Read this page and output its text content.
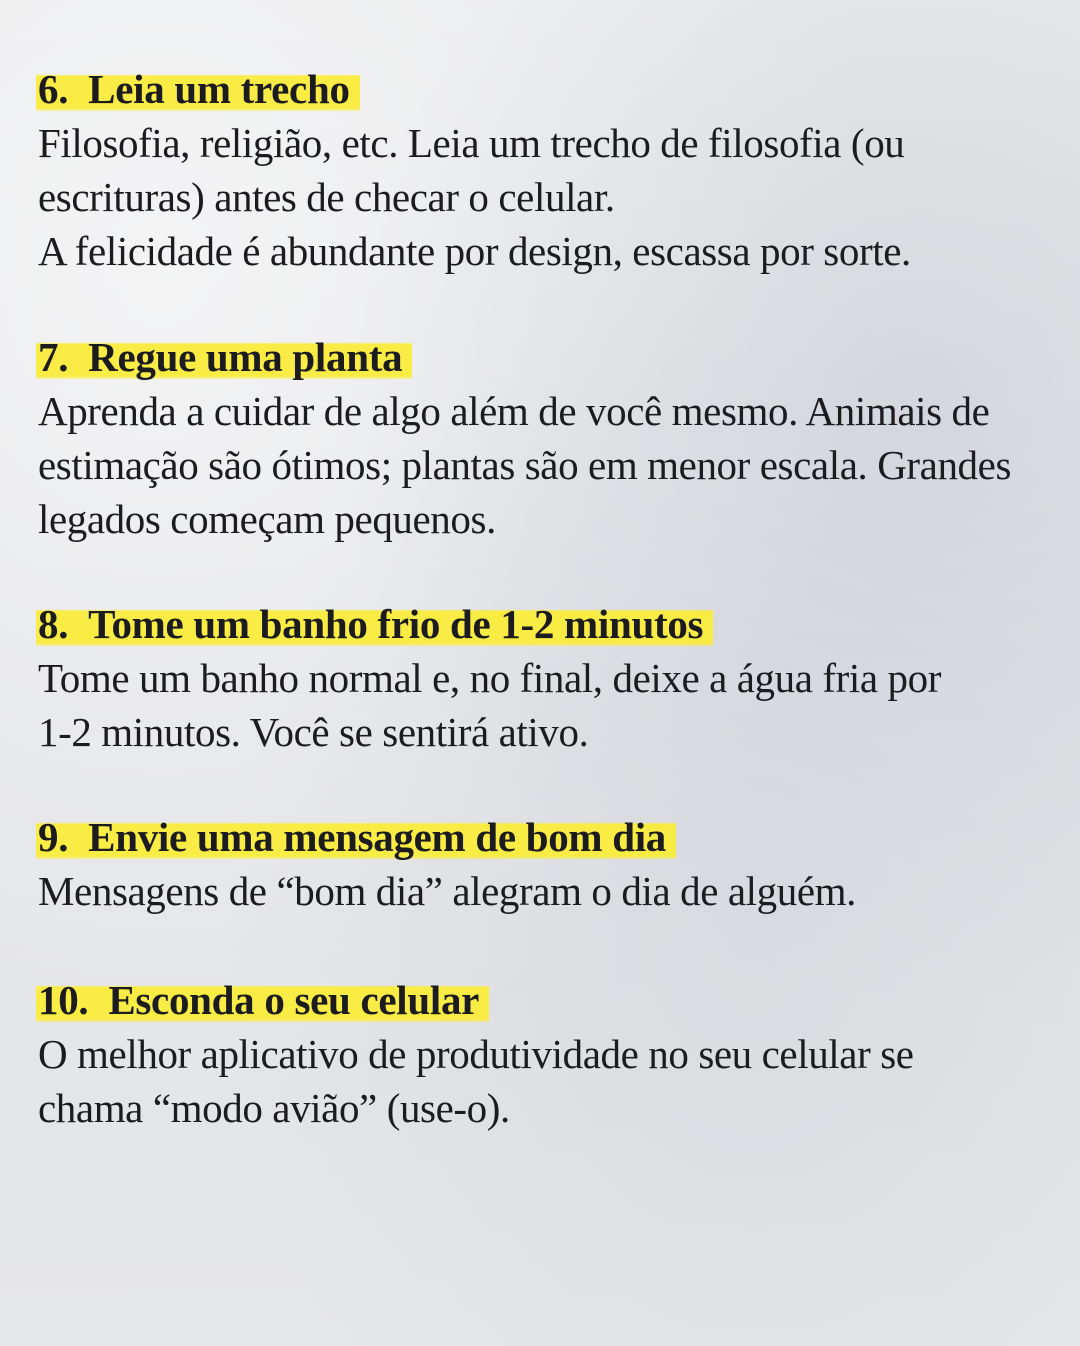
6. Leia um trecho

Filosofia, religião, etc. Leia um trecho de filosofia (ou

escrituras) antes de checar o celular.

A felicidade é abundante por design, escassa por sorte.

7. Regue uma planta

Aprenda a cuidar de algo além de você mesmo. Animais de

estimação são ótimos; plantas são em menor escala. Grandes

legados começam pequenos.

8. Tome um banho frio de 1-2 minutos

Tome um banho normal e, no final, deixe a água fria por

1-2 minutos. Você se sentirá ativo.

9. Envie uma mensagem de bom dia

Mensagens de “bom dia” alegram o dia de alguém.

10. Esconda o seu celular

O melhor aplicativo de produtividade no seu celular se

chama “modo avião” (use-o).
